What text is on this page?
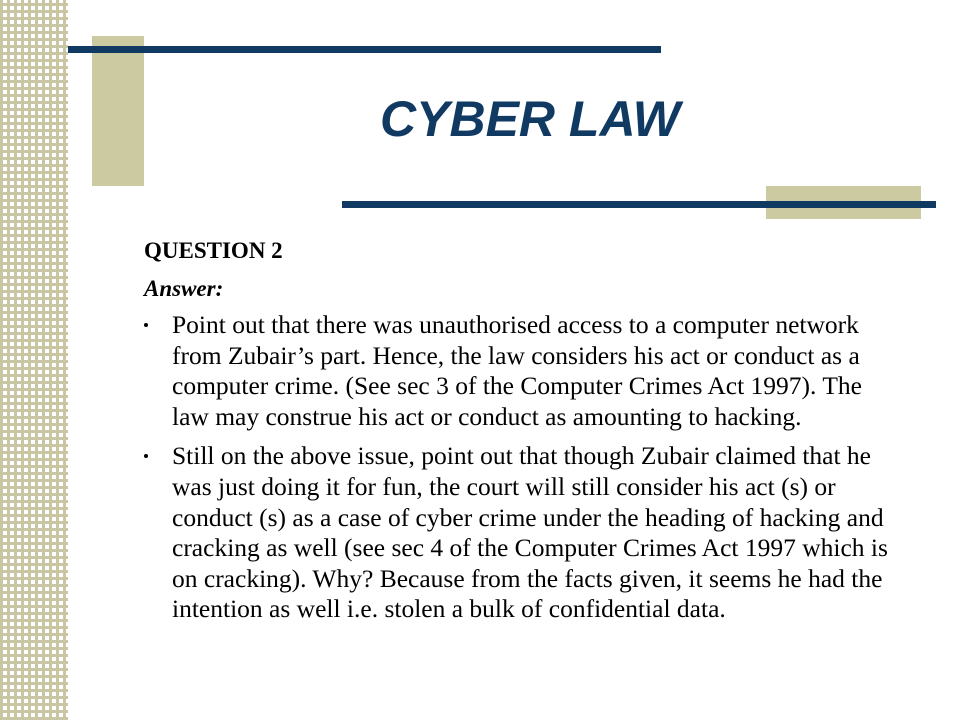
CYBER LAW
QUESTION 2
Answer:
Point out that there was unauthorised access to a computer network from Zubair’s part. Hence, the law considers his act or conduct as a computer crime. (See sec 3 of the Computer Crimes Act 1997). The law may construe his act or conduct as amounting to hacking.
Still on the above issue, point out that though Zubair claimed that he was just doing it for fun, the court will still consider his act (s) or conduct (s) as a case of cyber crime under the heading of hacking and cracking as well (see sec 4 of the Computer Crimes Act 1997 which is on cracking). Why? Because from the facts given, it seems he had the intention as well i.e. stolen a bulk of confidential data.
